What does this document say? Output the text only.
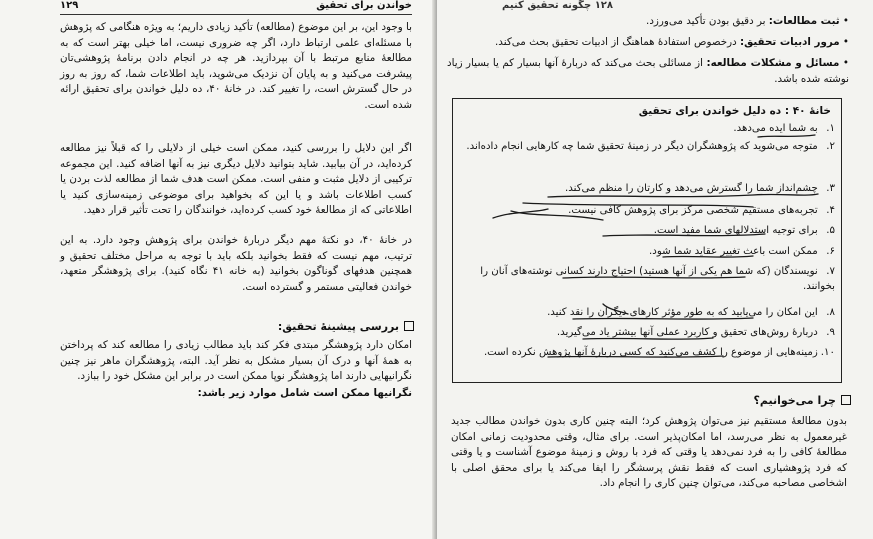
خواندن برای تحقیق
۱۲۹
با وجود این، بر این موضوع (مطالعه) تأکید زیادی داریم؛ به ویژه هنگامی که پژوهش با مسئله‌ای علمی ارتباط دارد، اگر چه ضروری نیست، اما خیلی بهتر است که به مطالعهٔ منابع مرتبط با آن بپردازید. هر چه در انجام دادن برنامهٔ پژوهشی‌تان پیشرفت می‌کنید و به پایان آن نزدیک می‌شوید، باید اطلاعات شما، که روز به روز در حال گسترش است، را تغییر کند. در خانهٔ ۴۰، ده دلیل خواندن برای تحقیق ارائه شده است.
اگر این دلایل را بررسی کنید، ممکن است خیلی از دلایلی را که قبلاً نیز مطالعه کرده‌اید، در آن بیابید. شاید بتوانید دلایل دیگری نیز به آنها اضافه کنید. این مجموعه ترکیبی از دلایل مثبت و منفی است. ممکن است هدف شما از مطالعه لذت بردن یا کسب اطلاعات باشد و یا این که بخواهید برای موضوعی زمینه‌سازی کنید یا اطلاعاتی که از مطالعهٔ خود کسب کرده‌اید، خوانندگان را تحت تأثیر قرار دهید.
در خانهٔ ۴۰، دو نکتهٔ مهم دیگر دربارهٔ خواندن برای پژوهش وجود دارد. به این ترتیب، مهم نیست که فقط بخوانید بلکه باید با توجه به مراحل مختلف تحقیق و همچنین هدفهای گوناگون بخوانید (به خانه ۴۱ نگاه کنید). برای پژوهشگر متعهد، خواندن فعالیتی مستمر و گسترده است.
بررسی پیشینهٔ تحقیق:
امکان دارد پژوهشگر مبتدی فکر کند باید مطالب زیادی را مطالعه کند که پرداختن به همهٔ آنها و درک آن بسیار مشکل به نظر آید. البته، پژوهشگران ماهر نیز چنین نگرانیهایی دارند اما پژوهشگر نوپا ممکن است در برابر این مشکل خود را ببازد.
نگرانیها ممکن است شامل موارد زیر باشد:
۱۲۸ چگونه تحقیق کنیم
• ثبت مطالعات: بر دقیق بودن تأکید می‌ورزد.
• مرور ادبیات تحقیق: درخصوص استفادهٔ هماهنگ از ادبیات تحقیق بحث می‌کند.
• مسائل و مشکلات مطالعه: از مسائلی بحث می‌کند که دربارهٔ آنها بسیار کم یا بسیار زیاد نوشته شده باشد.
خانهٔ ۴۰ : ده دلیل خواندن برای تحقیق
۱. به شما ایده می‌دهد.
۲. متوجه می‌شوید که پژوهشگران دیگر در زمینهٔ تحقیق شما چه کارهایی انجام داده‌اند.
۳. چشم‌انداز شما را گسترش می‌دهد و کارتان را منظم می‌کند.
۴. تجربه‌های مستقیم شخصی مرکز برای پژوهش کافی نیست.
۵. برای توجیه استدلالهای شما مفید است.
۶. ممکن است باعث تغییر عقاید شما شود.
۷. نویسندگان (که شما هم یکی از آنها هستید) احتیاج دارند کسانی نوشته‌های آنان را بخوانند.
۸. این امکان را می‌یابید که به طور مؤثر کارهای دیگران را نقد کنید.
۹. دربارهٔ روش‌های تحقیق و کاربرد عملی آنها بیشتر یاد می‌گیرید.
۱۰. زمینه‌هایی از موضوع را کشف می‌کنید که کسی دربارهٔ آنها پژوهش نکرده است.
چرا می‌خوانیم؟
بدون مطالعهٔ مستقیم نیز می‌توان پژوهش کرد؛ البته چنین کاری بدون خواندن مطالب جدید غیرمعمول به نظر می‌رسد، اما امکان‌پذیر است. برای مثال، وقتی محدودیت زمانی امکان مطالعهٔ کافی را به فرد نمی‌دهد یا وقتی که فرد با روش و زمینهٔ موضوع آشناست و یا وقتی که فرد پژوهشیاری است که فقط نقش پرسشگر را ایفا می‌کند یا برای محقق اصلی با اشخاصی مصاحبه می‌کند، می‌توان چنین کاری را انجام داد.
